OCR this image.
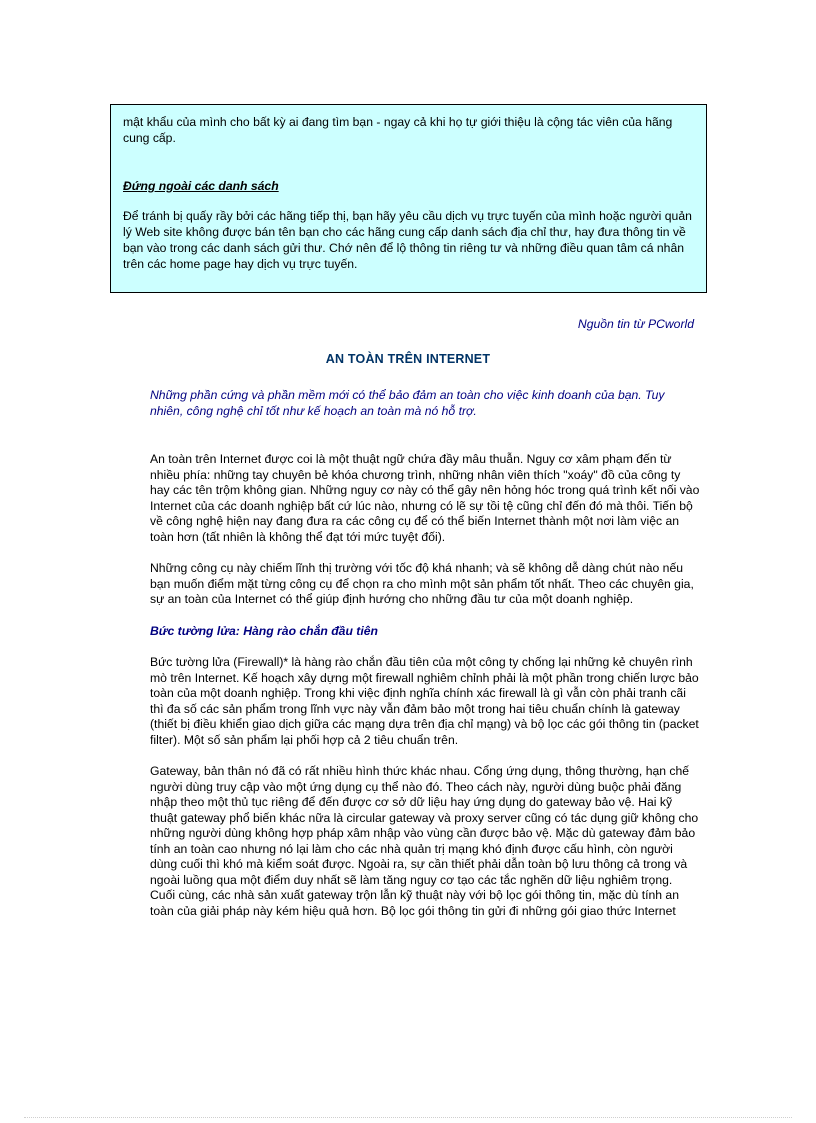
mật khẩu của mình cho bất kỳ ai đang tìm bạn - ngay cả khi họ tự giới thiệu là cộng tác viên của hãng cung cấp.

Đứng ngoài các danh sách

Để tránh bị quấy rầy bởi các hãng tiếp thị, bạn hãy yêu cầu dịch vụ trực tuyến của mình hoặc người quản lý Web site không được bán tên bạn cho các hãng cung cấp danh sách địa chỉ thư, hay đưa thông tin về bạn vào trong các danh sách gửi thư. Chớ nên để lộ thông tin riêng tư và những điều quan tâm cá nhân trên các home page hay dịch vụ trực tuyến.

Nguồn tin từ PCworld
AN TOÀN TRÊN INTERNET

Những phần cứng và phần mềm mới có thể bảo đảm an toàn cho việc kinh doanh của bạn. Tuy nhiên, công nghệ chỉ tốt như kế hoạch an toàn mà nó hỗ trợ.

An toàn trên Internet được coi là một thuật ngữ chứa đầy mâu thuẫn. Nguy cơ xâm phạm đến từ nhiều phía: những tay chuyên bẻ khóa chương trình, những nhân viên thích "xoáy" đồ của công ty hay các tên trộm không gian. Những nguy cơ này có thể gây nên hỏng hóc trong quá trình kết nối vào Internet của các doanh nghiệp bất cứ lúc nào, nhưng có lẽ sự tồi tệ cũng chỉ đến đó mà thôi. Tiến bộ về công nghệ hiện nay đang đưa ra các công cụ để có thể biến Internet thành một nơi làm việc an toàn hơn (tất nhiên là không thể đạt tới mức tuyệt đối).

Những công cụ này chiếm lĩnh thị trường với tốc độ khá nhanh; và sẽ không dễ dàng chút nào nếu bạn muốn điểm mặt từng công cụ để chọn ra cho mình một sản phẩm tốt nhất. Theo các chuyên gia, sự an toàn của Internet có thể giúp định hướng cho những đầu tư của một doanh nghiệp.

Bức tường lửa: Hàng rào chắn đầu tiên

Bức tường lửa (Firewall)* là hàng rào chắn đầu tiên của một công ty chống lại những kẻ chuyên rình mò trên Internet. Kế hoạch xây dựng một firewall nghiêm chỉnh phải là một phần trong chiến lược bảo toàn của một doanh nghiệp. Trong khi việc định nghĩa chính xác firewall là gì vẫn còn phải tranh cãi thì đa số các sản phẩm trong lĩnh vực này vẫn đảm bảo một trong hai tiêu chuẩn chính là gateway (thiết bị điều khiển giao dịch giữa các mạng dựa trên địa chỉ mạng) và bộ lọc các gói thông tin (packet filter). Một số sản phẩm lại phối hợp cả 2 tiêu chuẩn trên.

Gateway, bản thân nó đã có rất nhiều hình thức khác nhau. Cổng ứng dụng, thông thường, hạn chế người dùng truy cập vào một ứng dụng cụ thể nào đó. Theo cách này, người dùng buộc phải đăng nhập theo một thủ tục riêng để đến được cơ sở dữ liệu hay ứng dụng do gateway bảo vệ. Hai kỹ thuật gateway phổ biến khác nữa là circular gateway và proxy server cũng có tác dụng giữ không cho những người dùng không hợp pháp xâm nhập vào vùng cần được bảo vệ. Mặc dù gateway đảm bảo tính an toàn cao nhưng nó lại làm cho các nhà quản trị mạng khó định được cấu hình, còn người dùng cuối thì khó mà kiểm soát được. Ngoài ra, sự cần thiết phải dẫn toàn bộ lưu thông cả trong và ngoài luồng qua một điểm duy nhất sẽ làm tăng nguy cơ tạo các tắc nghẽn dữ liệu nghiêm trọng. Cuối cùng, các nhà sản xuất gateway trộn lẫn kỹ thuật này với bộ lọc gói thông tin, mặc dù tính an toàn của giải pháp này kém hiệu quả hơn. Bộ lọc gói thông tin gửi đi những gói giao thức Internet
